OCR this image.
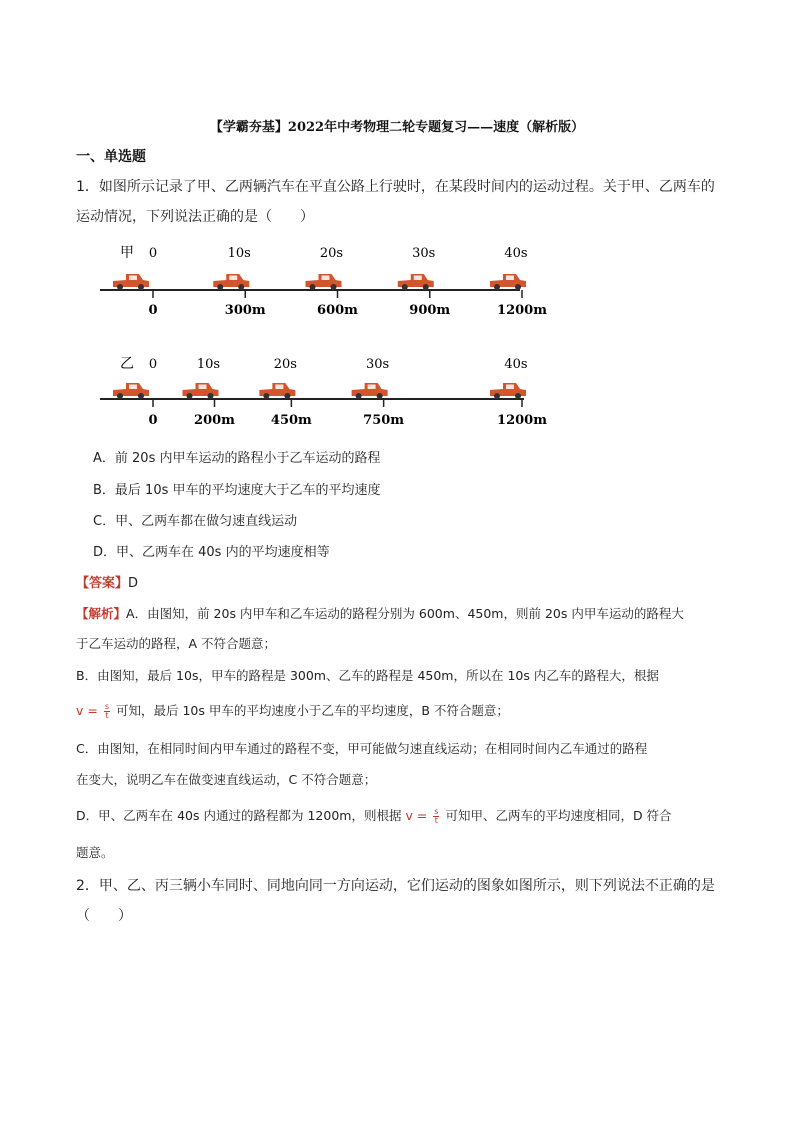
【学霸夯基】2022年中考物理二轮专题复习——速度（解析版）
一、单选题
1．如图所示记录了甲、乙两辆汽车在平直公路上行驶时，在某段时间内的运动过程。关于甲、乙两车的
运动情况，下列说法正确的是（　　）
甲 0	10s	20s	30s	40s
0	300m	600m	900m	1200m
乙 0	10s	20s	30s	40s
0	200m	450m	750m	1200m
A．前 20s 内甲车运动的路程小于乙车运动的路程
B．最后 10s 甲车的平均速度大于乙车的平均速度
C．甲、乙两车都在做匀速直线运动
D．甲、乙两车在 40s 内的平均速度相等
【答案】D
【解析】A．由图知，前 20s 内甲车和乙车运动的路程分别为 600m、450m，则前 20s 内甲车运动的路程大
于乙车运动的路程，A 不符合题意；
B．由图知，最后 10s，甲车的路程是 300m、乙车的路程是 450m，所以在 10s 内乙车的路程大，根据
$v = \frac{s}{t}$ 可知，最后 10s 甲车的平均速度小于乙车的平均速度，B 不符合题意；
C．由图知，在相同时间内甲车通过的路程不变，甲可能做匀速直线运动；在相同时间内乙车通过的路程
在变大，说明乙车在做变速直线运动，C 不符合题意；
D．甲、乙两车在 40s 内通过的路程都为 1200m，则根据 $v = \frac{s}{t}$ 可知甲、乙两车的平均速度相同，D 符合
题意。
2．甲、乙、丙三辆小车同时、同地向同一方向运动，它们运动的图象如图所示，则下列说法不正确的是
（　　）
